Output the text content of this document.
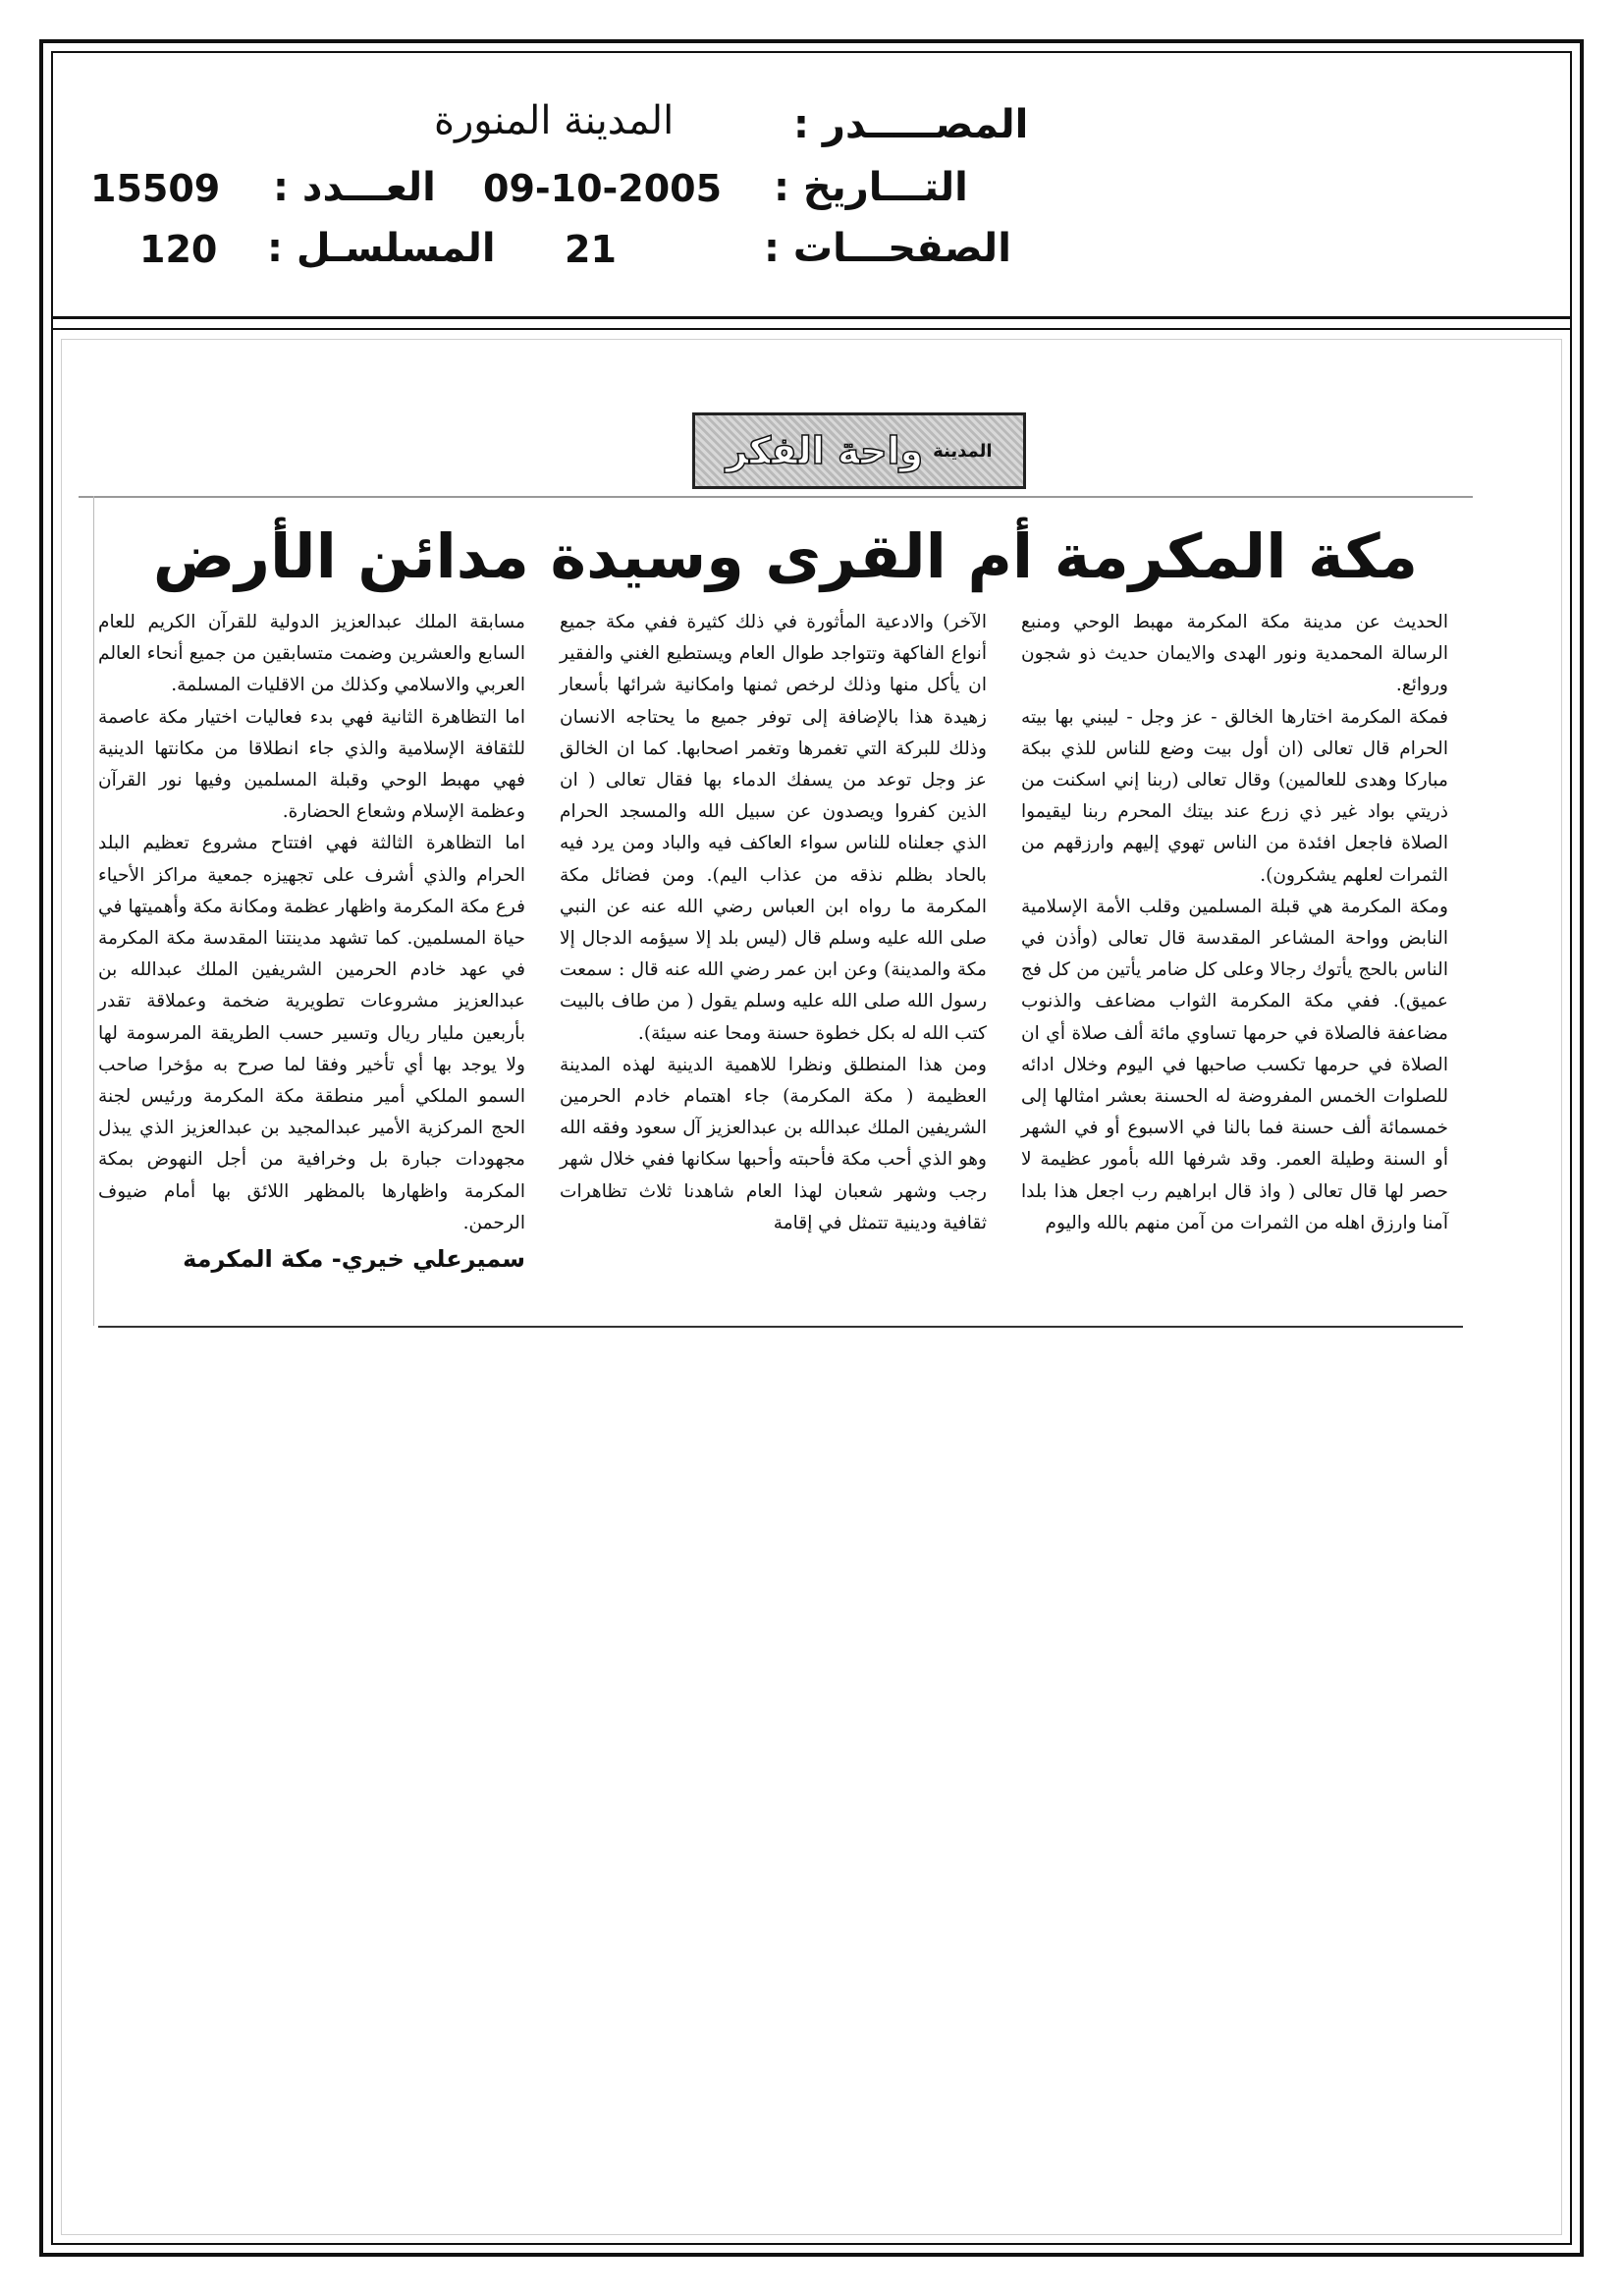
المصـــــدر :
المدينة المنورة
التـــاريخ :
09-10-2005
العـــدد :
15509
الصفحـــات :
21
المسلسـل :
120
واحة الفكر المدينة
مكة المكرمة أم القرى وسيدة مدائن الأرض

الحديث عن مدينة مكة المكرمة مهبط الوحي ومنبع الرسالة المحمدية ونور الهدى والايمان حديث ذو شجون وروائع.

فمكة المكرمة اختارها الخالق - عز وجل - ليبني بها بيته الحرام قال تعالى (ان أول بيت وضع للناس للذي ببكة مباركا وهدى للعالمين) وقال تعالى (ربنا إني اسكنت من ذريتي بواد غير ذي زرع عند بيتك المحرم ربنا ليقيموا الصلاة فاجعل افئدة من الناس تهوي إليهم وارزقهم من الثمرات لعلهم يشكرون).

ومكة المكرمة هي قبلة المسلمين وقلب الأمة الإسلامية النابض وواحة المشاعر المقدسة قال تعالى (وأذن في الناس بالحج يأتوك رجالا وعلى كل ضامر يأتين من كل فج عميق). ففي مكة المكرمة الثواب مضاعف والذنوب مضاعفة فالصلاة في حرمها تساوي مائة ألف صلاة أي ان الصلاة في حرمها تكسب صاحبها في اليوم وخلال ادائه للصلوات الخمس المفروضة له الحسنة بعشر امثالها إلى خمسمائة ألف حسنة فما بالنا في الاسبوع أو في الشهر أو السنة وطيلة العمر. وقد شرفها الله بأمور عظيمة لا حصر لها قال تعالى ( واذ قال ابراهيم رب اجعل هذا بلدا آمنا وارزق اهله من الثمرات من آمن منهم بالله واليوم

الآخر) والادعية المأثورة في ذلك كثيرة ففي مكة جميع أنواع الفاكهة وتتواجد طوال العام ويستطيع الغني والفقير ان يأكل منها وذلك لرخص ثمنها وامكانية شرائها بأسعار زهيدة هذا بالإضافة إلى توفر جميع ما يحتاجه الانسان وذلك للبركة التي تغمرها وتغمر اصحابها. كما ان الخالق عز وجل توعد من يسفك الدماء بها فقال تعالى ( ان الذين كفروا ويصدون عن سبيل الله والمسجد الحرام الذي جعلناه للناس سواء العاكف فيه والباد ومن يرد فيه بالحاد بظلم نذقه من عذاب اليم). ومن فضائل مكة المكرمة ما رواه ابن العباس رضي الله عنه عن النبي صلى الله عليه وسلم قال (ليس بلد إلا سيؤمه الدجال إلا مكة والمدينة) وعن ابن عمر رضي الله عنه قال : سمعت رسول الله صلى الله عليه وسلم يقول ( من طاف بالبيت كتب الله له بكل خطوة حسنة ومحا عنه سيئة).

ومن هذا المنطلق ونظرا للاهمية الدينية لهذه المدينة العظيمة ( مكة المكرمة) جاء اهتمام خادم الحرمين الشريفين الملك عبدالله بن عبدالعزيز آل سعود وفقه الله وهو الذي أحب مكة فأحبته وأحبها سكانها ففي خلال شهر رجب وشهر شعبان لهذا العام شاهدنا ثلاث تظاهرات ثقافية ودينية تتمثل في إقامة

مسابقة الملك عبدالعزيز الدولية للقرآن الكريم للعام السابع والعشرين وضمت متسابقين من جميع أنحاء العالم العربي والاسلامي وكذلك من الاقليات المسلمة.

اما التظاهرة الثانية فهي بدء فعاليات اختيار مكة عاصمة للثقافة الإسلامية والذي جاء انطلاقا من مكانتها الدينية فهي مهبط الوحي وقبلة المسلمين وفيها نور القرآن وعظمة الإسلام وشعاع الحضارة.

اما التظاهرة الثالثة فهي افتتاح مشروع تعظيم البلد الحرام والذي أشرف على تجهيزه جمعية مراكز الأحياء فرع مكة المكرمة واظهار عظمة ومكانة مكة وأهميتها في حياة المسلمين. كما تشهد مدينتنا المقدسة مكة المكرمة في عهد خادم الحرمين الشريفين الملك عبدالله بن عبدالعزيز مشروعات تطويرية ضخمة وعملاقة تقدر بأربعين مليار ريال وتسير حسب الطريقة المرسومة لها ولا يوجد بها أي تأخير وفقا لما صرح به مؤخرا صاحب السمو الملكي أمير منطقة مكة المكرمة ورئيس لجنة الحج المركزية الأمير عبدالمجيد بن عبدالعزيز الذي يبذل مجهودات جبارة بل وخرافية من أجل النهوض بمكة المكرمة واظهارها بالمظهر اللائق بها أمام ضيوف الرحمن.

سميرعلي خيري- مكة المكرمة
